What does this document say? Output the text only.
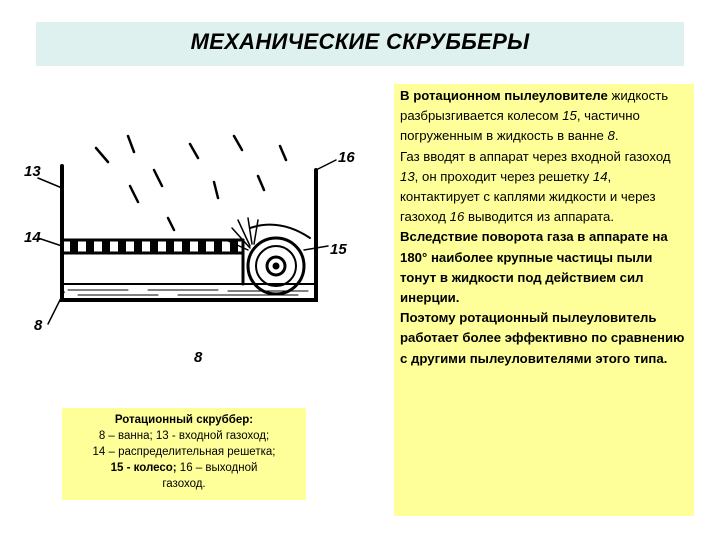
МЕХАНИЧЕСКИЕ СКРУББЕРЫ
13
14
16
15
8
8
Ротационный скруббер:
8 – ванна; 13 - входной газоход;
14 – распределительная решетка;
15 - колесо; 16 – выходной
газоход.

В ротационном пылеуловителе жидкость разбрызгивается колесом 15, частично погруженным в жидкость в ванне 8.

Газ вводят в аппарат через входной газоход 13, он проходит через решетку 14, контактирует с каплями жидкости и через газоход 16 выводится из аппарата.

Вследствие поворота газа в аппарате на 180° наиболее крупные частицы пыли тонут в жидкости под действием сил инерции.

Поэтому ротационный пылеуловитель работает более эффективно по сравнению с другими пылеуловителями этого типа.
